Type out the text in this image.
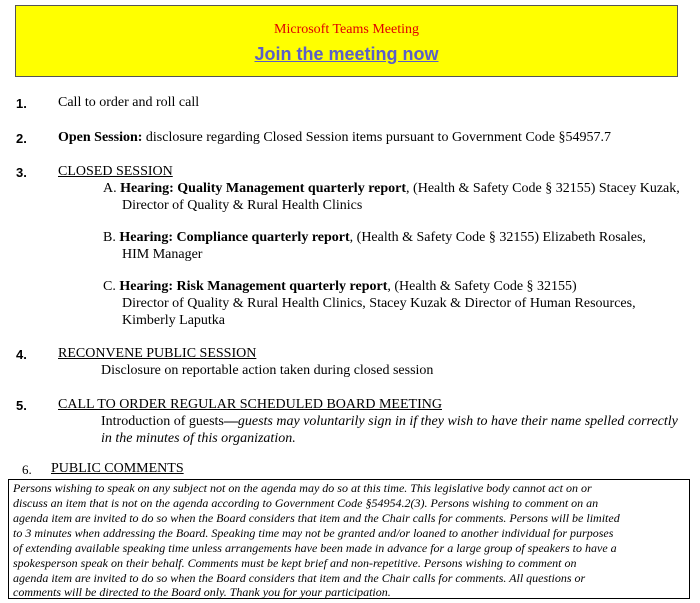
Microsoft Teams Meeting
Join the meeting now
1. Call to order and roll call
2. Open Session: disclosure regarding Closed Session items pursuant to Government Code §54957.7
3. CLOSED SESSION
A. Hearing: Quality Management quarterly report, (Health & Safety Code § 32155) Stacey Kuzak,
Director of Quality & Rural Health Clinics
B. Hearing: Compliance quarterly report, (Health & Safety Code § 32155) Elizabeth Rosales,
HIM Manager
C. Hearing: Risk Management quarterly report, (Health & Safety Code § 32155)
Director of Quality & Rural Health Clinics, Stacey Kuzak & Director of Human Resources,
Kimberly Laputka
4. RECONVENE PUBLIC SESSION
Disclosure on reportable action taken during closed session
5. CALL TO ORDER REGULAR SCHEDULED BOARD MEETING
Introduction of guests—guests may voluntarily sign in if they wish to have their name spelled correctly
in the minutes of this organization.
6. PUBLIC COMMENTS
Persons wishing to speak on any subject not on the agenda may do so at this time. This legislative body cannot act on or
discuss an item that is not on the agenda according to Government Code §54954.2(3). Persons wishing to comment on an
agenda item are invited to do so when the Board considers that item and the Chair calls for comments. Persons will be limited
to 3 minutes when addressing the Board. Speaking time may not be granted and/or loaned to another individual for purposes
of extending available speaking time unless arrangements have been made in advance for a large group of speakers to have a
spokesperson speak on their behalf. Comments must be kept brief and non-repetitive. Persons wishing to comment on
agenda item are invited to do so when the Board considers that item and the Chair calls for comments. All questions or
comments will be directed to the Board only. Thank you for your participation.
